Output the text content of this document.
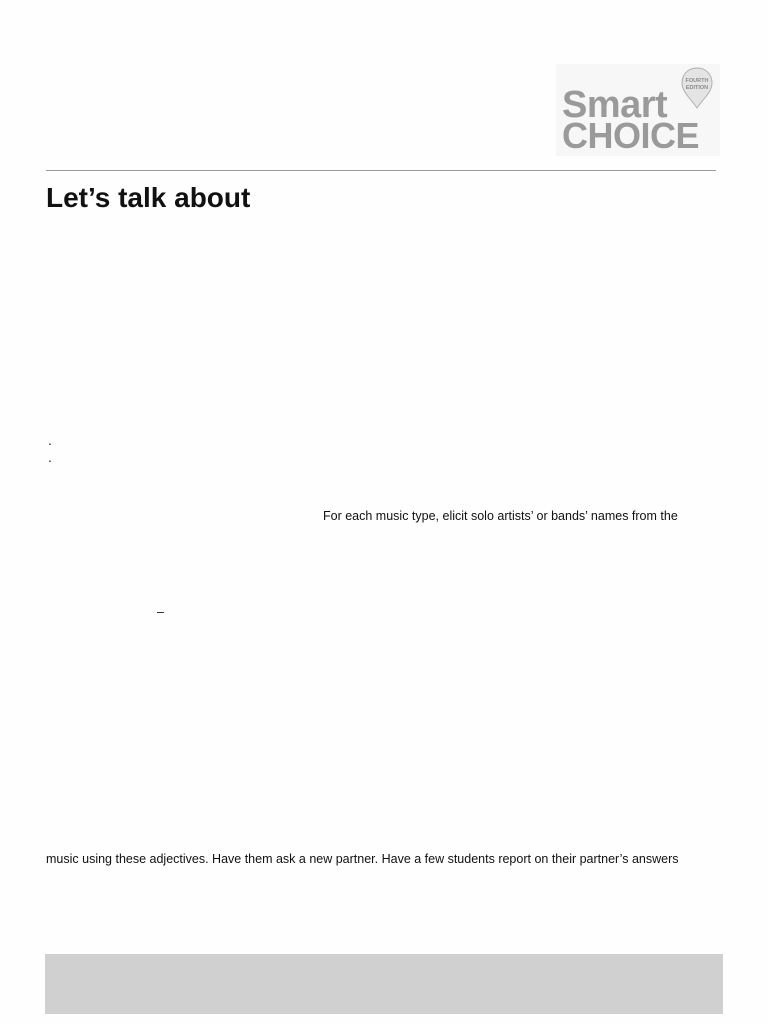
FOURTH
EDITION
Smart
CHOICE
Let’s talk about
.
.
For each music type, elicit solo artists’ or bands’ names from the
–
music using these adjectives. Have them ask a new partner. Have a few students report on their partner’s answers
